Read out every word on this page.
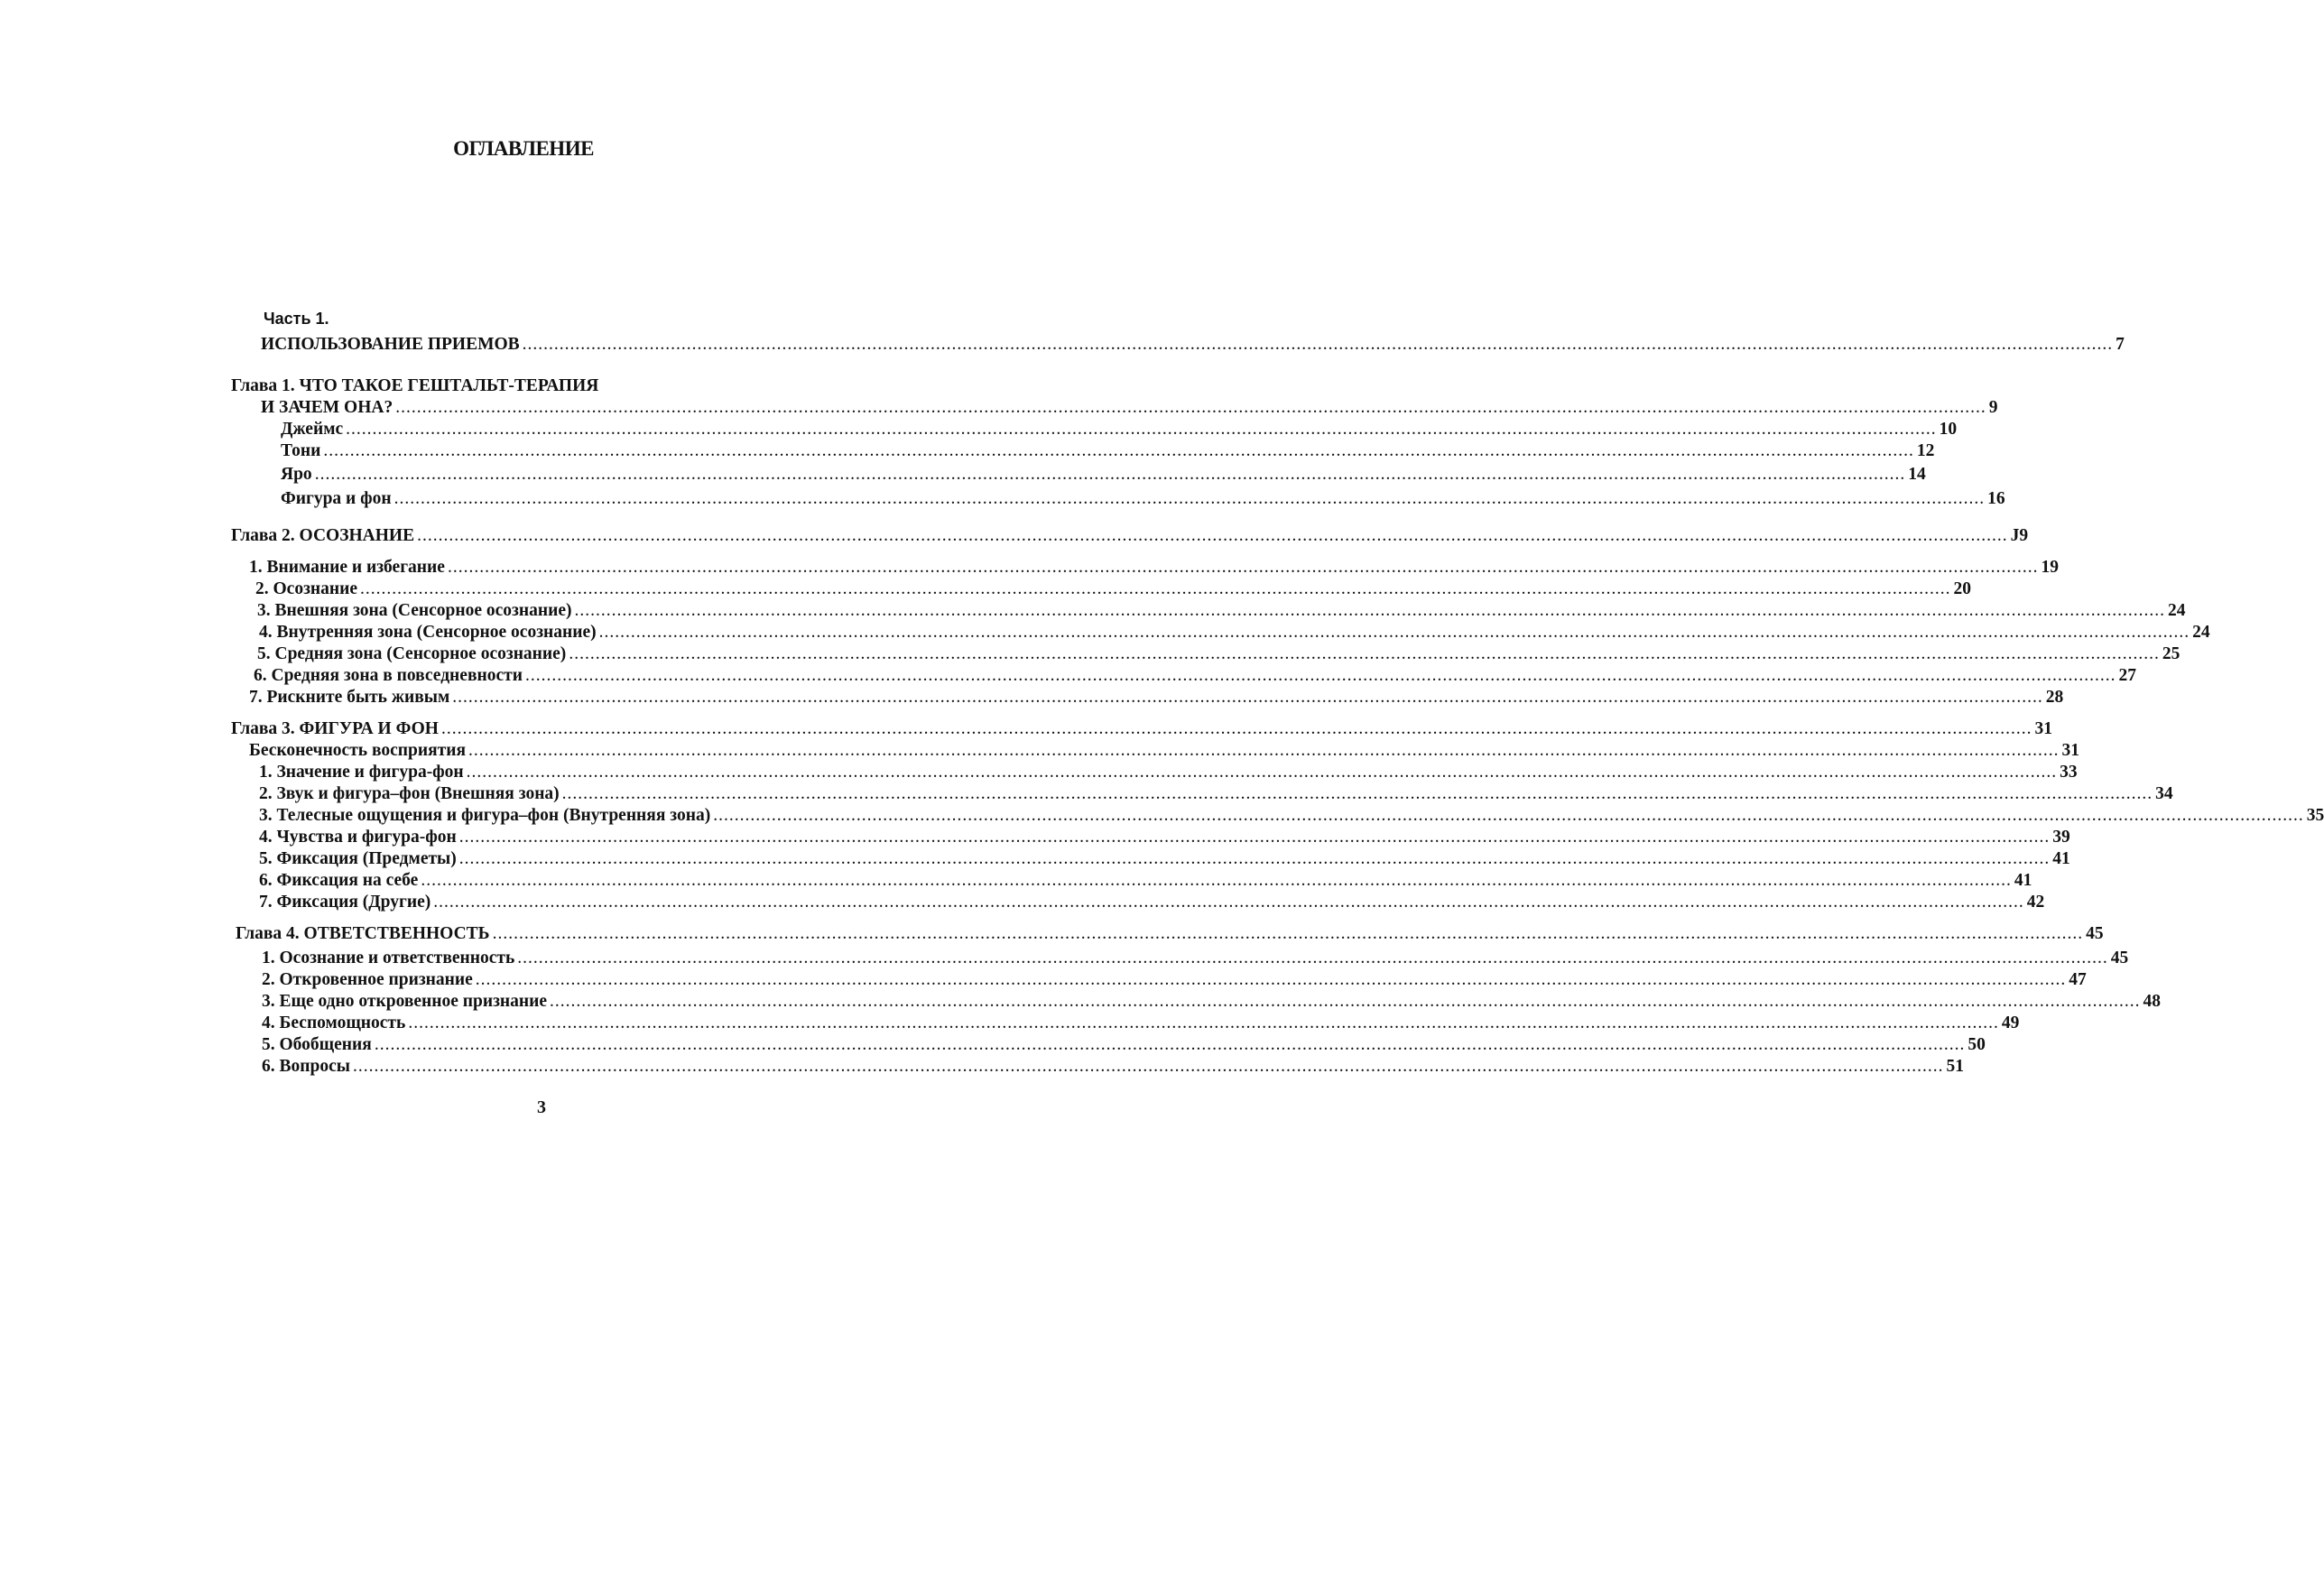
ОГЛАВЛЕНИЕ
Часть 1.
ИСПОЛЬЗОВАНИЕ ПРИЕМОВ ............................................................................................................................................................................................................................................................................................................ 7
Глава 1. ЧТО ТАКОЕ ГЕШТАЛЬТ-ТЕРАПИЯ
И ЗАЧЕМ ОНА? ............................................................................................................................................................................................................................................................................................................ 9
Джеймс ............................................................................................................................................................................................................................................................................................................ 10
Тони ............................................................................................................................................................................................................................................................................................................ 12
Яро ............................................................................................................................................................................................................................................................................................................ 14
Фигура и фон ............................................................................................................................................................................................................................................................................................................ 16
Глава 2. ОСОЗНАНИЕ ............................................................................................................................................................................................................................................................................................................ J9
1. Внимание и избегание ............................................................................................................................................................................................................................................................................................................ 19
2. Осознание ............................................................................................................................................................................................................................................................................................................ 20
3. Внешняя зона (Сенсорное осознание) ............................................................................................................................................................................................................................................................................................................ 24
4. Внутренняя зона (Сенсорное осознание) ............................................................................................................................................................................................................................................................................................................ 24
5. Средняя зона (Сенсорное осознание) ............................................................................................................................................................................................................................................................................................................ 25
6. Средняя зона в повседневности ............................................................................................................................................................................................................................................................................................................ 27
7. Рискните быть живым ............................................................................................................................................................................................................................................................................................................ 28
Глава 3. ФИГУРА И ФОН ............................................................................................................................................................................................................................................................................................................ 31
Бесконечность восприятия ............................................................................................................................................................................................................................................................................................................ 31
1. Значение и фигура-фон ............................................................................................................................................................................................................................................................................................................ 33
2. Звук и фигура–фон (Внешняя зона) ............................................................................................................................................................................................................................................................................................................ 34
3. Телесные ощущения и фигура–фон (Внутренняя зона) ............................................................................................................................................................................................................................................................................................................ 35
4. Чувства и фигура-фон ............................................................................................................................................................................................................................................................................................................ 39
5. Фиксация (Предметы) ............................................................................................................................................................................................................................................................................................................ 41
6. Фиксация на себе ............................................................................................................................................................................................................................................................................................................ 41
7. Фиксация (Другие) ............................................................................................................................................................................................................................................................................................................ 42
Глава 4. ОТВЕТСТВЕННОСТЬ ............................................................................................................................................................................................................................................................................................................ 45
1. Осознание и ответственность ............................................................................................................................................................................................................................................................................................................ 45
2. Откровенное признание ............................................................................................................................................................................................................................................................................................................ 47
3. Еще одно откровенное признание ............................................................................................................................................................................................................................................................................................................ 48
4. Беспомощность ............................................................................................................................................................................................................................................................................................................ 49
5. Обобщения ............................................................................................................................................................................................................................................................................................................ 50
6. Вопросы ............................................................................................................................................................................................................................................................................................................ 51
3
